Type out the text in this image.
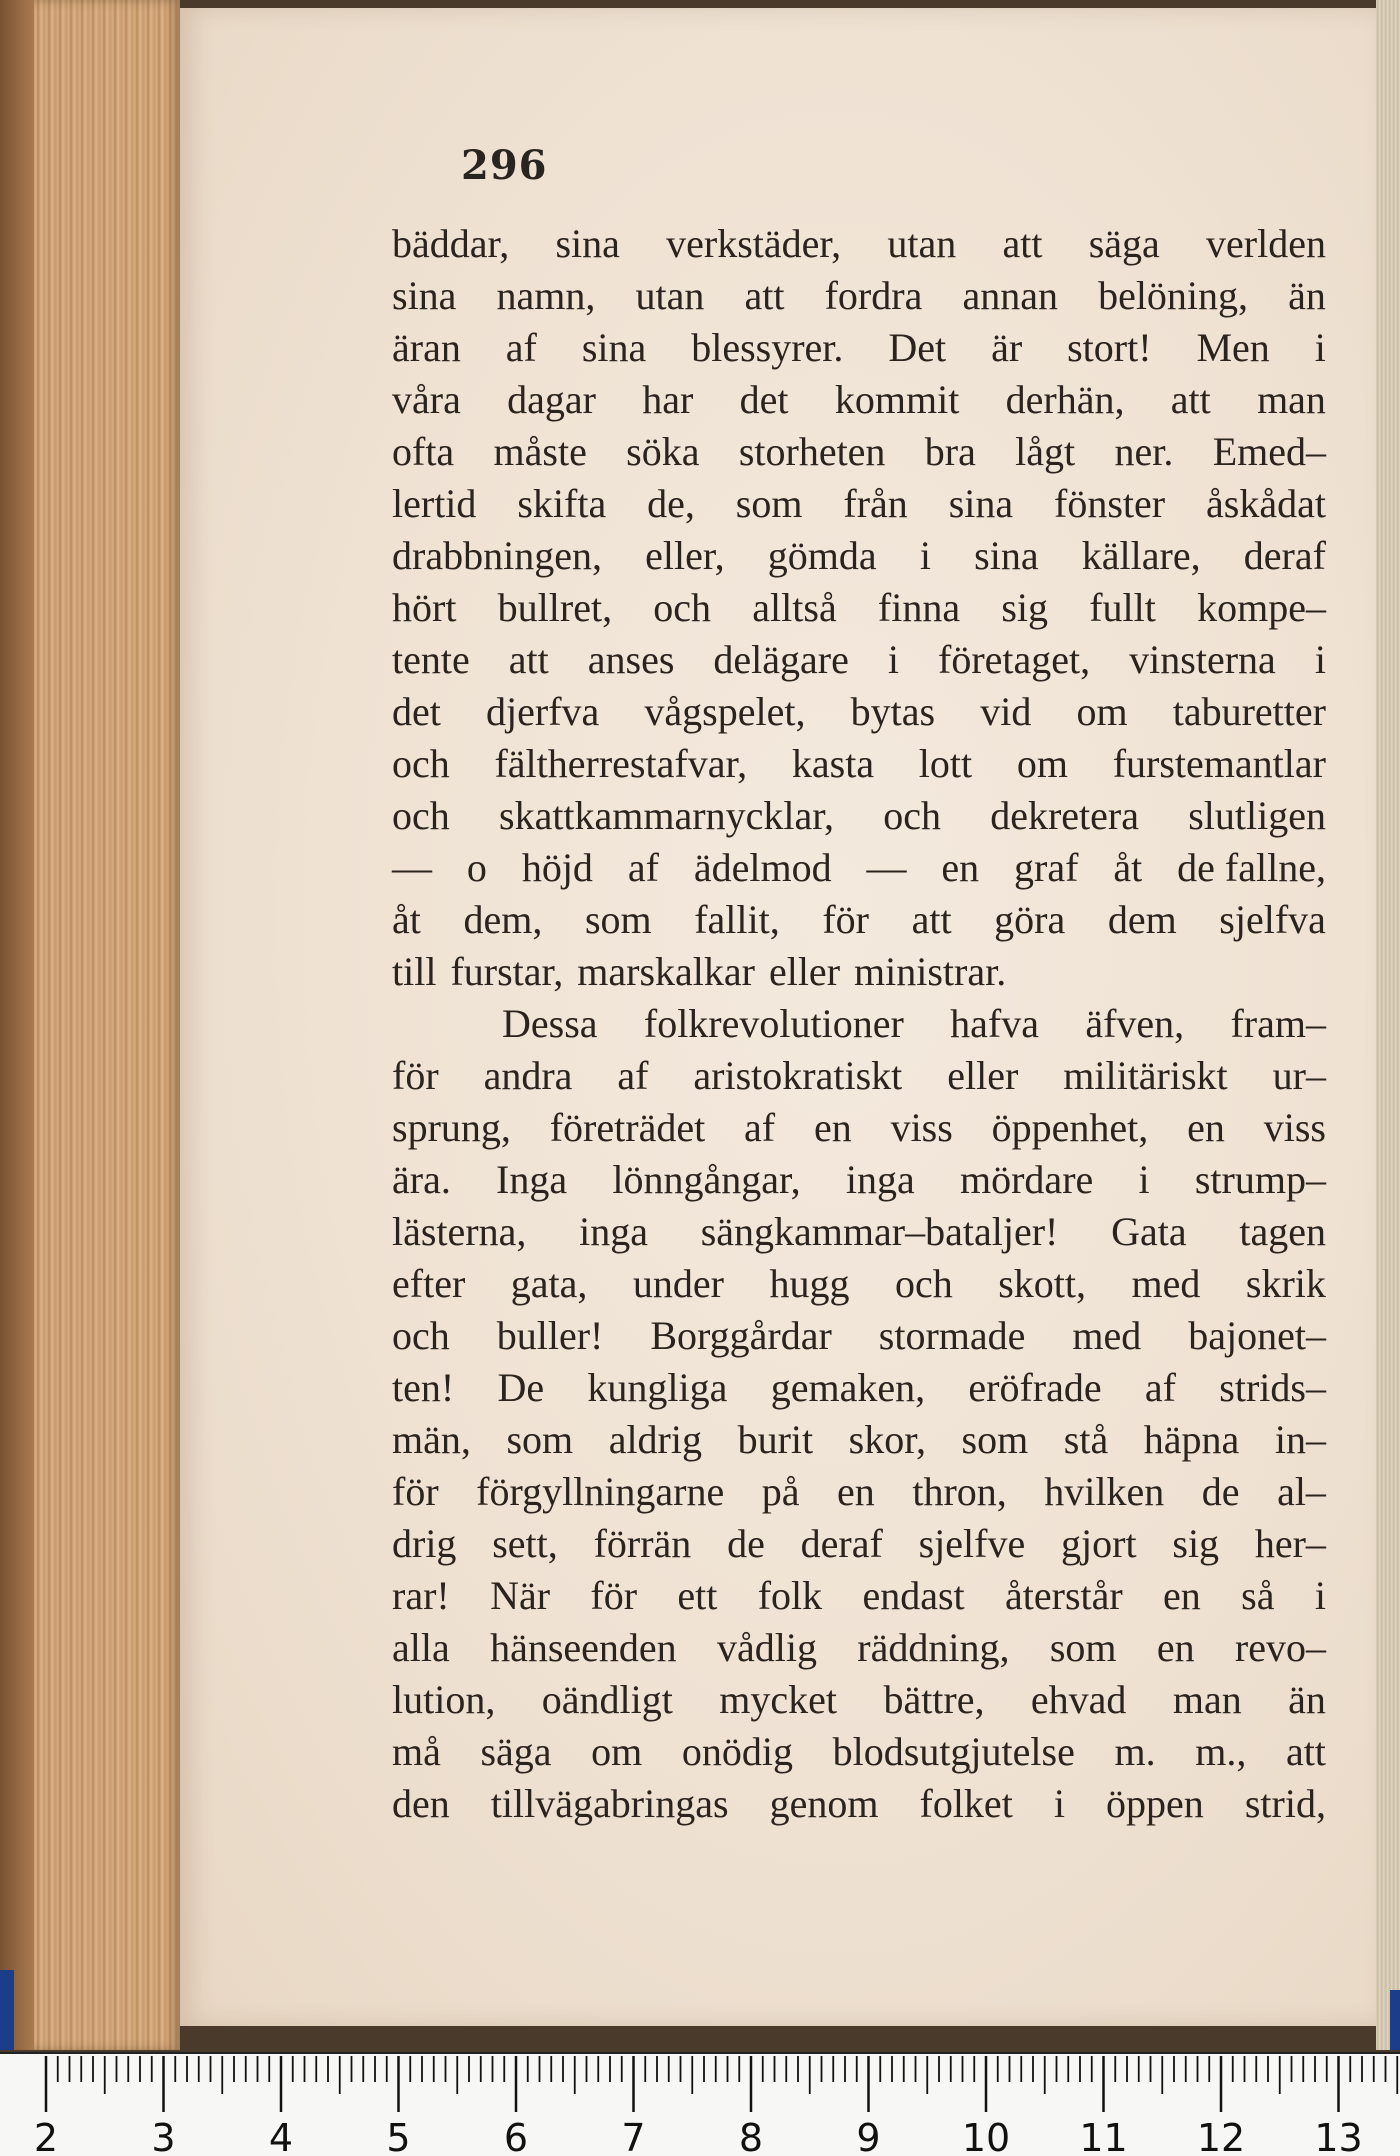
296
bäddar, sina verkstäder, utan att säga verlden
sina namn, utan att fordra annan belöning, än
äran af sina blessyrer. Det är stort! Men i
våra dagar har det kommit derhän, att man
ofta måste söka storheten bra lågt ner. Emed–
lertid skifta de, som från sina fönster åskådat
drabbningen, eller, gömda i sina källare, deraf
hört bullret, och alltså finna sig fullt kompe–
tente att anses delägare i företaget, vinsterna i
det djerfva vågspelet, bytas vid om taburetter
och fältherrestafvar, kasta lott om furstemantlar
och skattkammarnycklar, och dekretera slutligen
— o höjd af ädelmod — en graf åt de fallne,
åt dem, som fallit, för att göra dem sjelfva
till furstar, marskalkar eller ministrar.
Dessa folkrevolutioner hafva äfven, fram–
för andra af aristokratiskt eller militäriskt ur–
sprung, företrädet af en viss öppenhet, en viss
ära. Inga lönngångar, inga mördare i strump–
lästerna, inga sängkammar–bataljer! Gata tagen
efter gata, under hugg och skott, med skrik
och buller! Borggårdar stormade med bajonet–
ten! De kungliga gemaken, eröfrade af strids–
män, som aldrig burit skor, som stå häpna in–
för förgyllningarne på en thron, hvilken de al–
drig sett, förrän de deraf sjelfve gjort sig her–
rar! När för ett folk endast återstår en så i
alla hänseenden vådlig räddning, som en revo–
lution, oändligt mycket bättre, ehvad man än
må säga om onödig blodsutgjutelse m. m., att
den tillvägabringas genom folket i öppen strid,
2 3 4 5 6 7 8 9 10 11 12 13
